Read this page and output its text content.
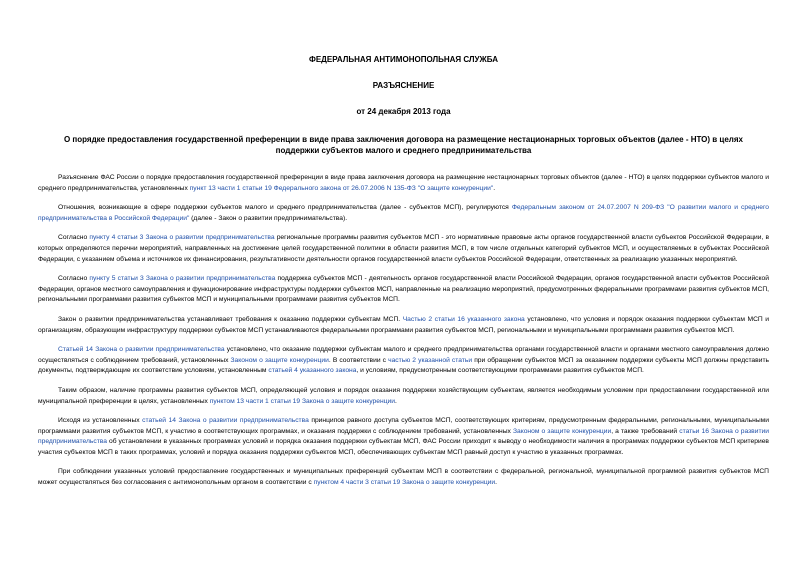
ФЕДЕРАЛЬНАЯ АНТИМОНОПОЛЬНАЯ СЛУЖБА
РАЗЪЯСНЕНИЕ
от 24 декабря 2013 года
О порядке предоставления государственной преференции в виде права заключения договора на размещение нестационарных торговых объектов (далее - НТО) в целях поддержки субъектов малого и среднего предпринимательства

Разъяснение ФАС России о порядке предоставления государственной преференции в виде права заключения договора на размещение нестационарных торговых объектов (далее - НТО) в целях поддержки субъектов малого и среднего предпринимательства, установленных пункт 13 части 1 статьи 19 Федерального закона от 26.07.2006 N 135-ФЗ "О защите конкуренции".

Отношения, возникающие в сфере поддержки субъектов малого и среднего предпринимательства (далее - субъектов МСП), регулируются Федеральным законом от 24.07.2007 N 209-ФЗ "О развитии малого и среднего предпринимательства в Российской Федерации" (далее - Закон о развитии предпринимательства).

Согласно пункту 4 статьи 3 Закона о развитии предпринимательства региональные программы развития субъектов МСП - это нормативные правовые акты органов государственной власти субъектов Российской Федерации, в которых определяются перечни мероприятий, направленных на достижение целей государственной политики в области развития МСП, в том числе отдельных категорий субъектов МСП, и осуществляемых в субъектах Российской Федерации, с указанием объема и источников их финансирования, результативности деятельности органов государственной власти субъектов Российской Федерации, ответственных за реализацию указанных мероприятий.

Согласно пункту 5 статьи 3 Закона о развитии предпринимательства поддержка субъектов МСП - деятельность органов государственной власти Российской Федерации, органов государственной власти субъектов Российской Федерации, органов местного самоуправления и функционирование инфраструктуры поддержки субъектов МСП, направленные на реализацию мероприятий, предусмотренных федеральными программами развития субъектов МСП, региональными программами развития субъектов МСП и муниципальными программами развития субъектов МСП.

Закон о развитии предпринимательства устанавливает требования к оказанию поддержки субъектам МСП. Частью 2 статьи 16 указанного закона установлено, что условия и порядок оказания поддержки субъектам МСП и организациям, образующим инфраструктуру поддержки субъектов МСП устанавливаются федеральными программами развития субъектов МСП, региональными и муниципальными программами развития субъектов МСП.

Статьей 14 Закона о развитии предпринимательства установлено, что оказание поддержки субъектам малого и среднего предпринимательства органами государственной власти и органами местного самоуправления должно осуществляться с соблюдением требований, установленных Законом о защите конкуренции. В соответствии с частью 2 указанной статьи при обращении субъектов МСП за оказанием поддержки субъекты МСП должны представить документы, подтверждающие их соответствие условиям, установленным статьей 4 указанного закона, и условиям, предусмотренным соответствующими программами развития субъектов МСП.

Таким образом, наличие программы развития субъектов МСП, определяющей условия и порядок оказания поддержки хозяйствующим субъектам, является необходимым условием при предоставлении государственной или муниципальной преференции в целях, установленных пунктом 13 части 1 статьи 19 Закона о защите конкуренции.

Исходя из установленных статьей 14 Закона о развитии предпринимательства принципов равного доступа субъектов МСП, соответствующих критериям, предусмотренным федеральными, региональными, муниципальными программами развития субъектов МСП, к участию в соответствующих программах, и оказания поддержки с соблюдением требований, установленных Законом о защите конкуренции, а также требований статьи 16 Закона о развитии предпринимательства об установлении в указанных программах условий и порядка оказания поддержки субъектам МСП, ФАС России приходит к выводу о необходимости наличия в программах поддержки субъектов МСП критериев участия субъектов МСП в таких программах, условий и порядка оказания поддержки субъектов МСП, обеспечивающих субъектам МСП равный доступ к участию в указанных программах.

При соблюдении указанных условий предоставление государственных и муниципальных преференций субъектам МСП в соответствии с федеральной, региональной, муниципальной программой развития субъектов МСП может осуществляться без согласования с антимонопольным органом в соответствии с пунктом 4 части 3 статьи 19 Закона о защите конкуренции.
